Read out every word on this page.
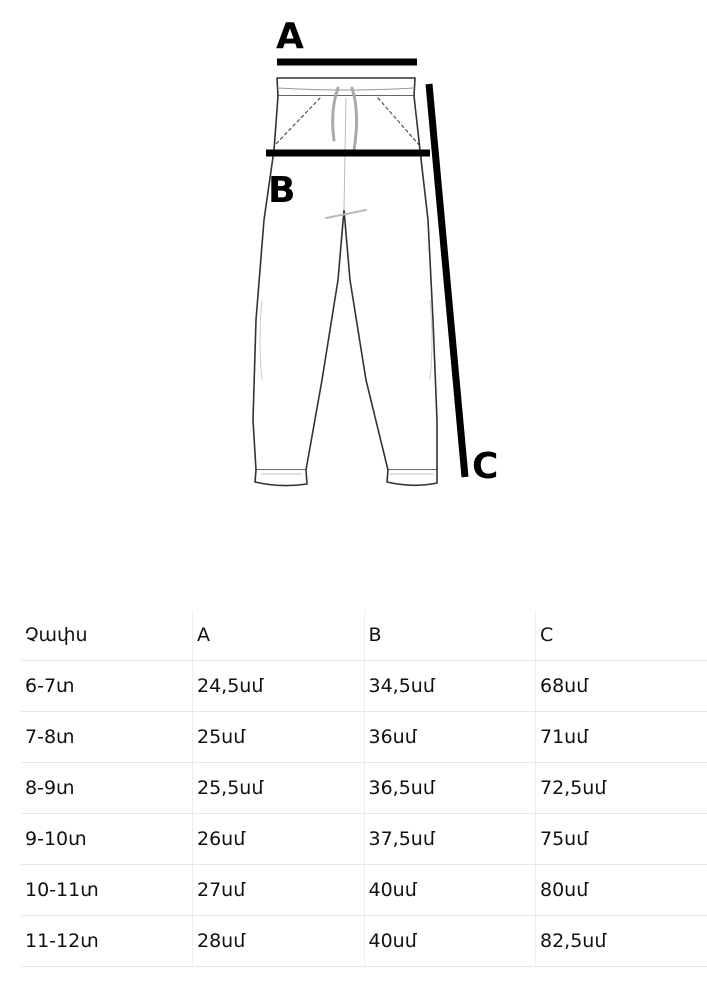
A
B
C
Չափս	A	B	C
6-7տ	24,5սմ	34,5սմ	68սմ
7-8տ	25սմ	36սմ	71սմ
8-9տ	25,5սմ	36,5սմ	72,5սմ
9-10տ	26սմ	37,5սմ	75սմ
10-11տ	27սմ	40սմ	80սմ
11-12տ	28սմ	40սմ	82,5սմ
